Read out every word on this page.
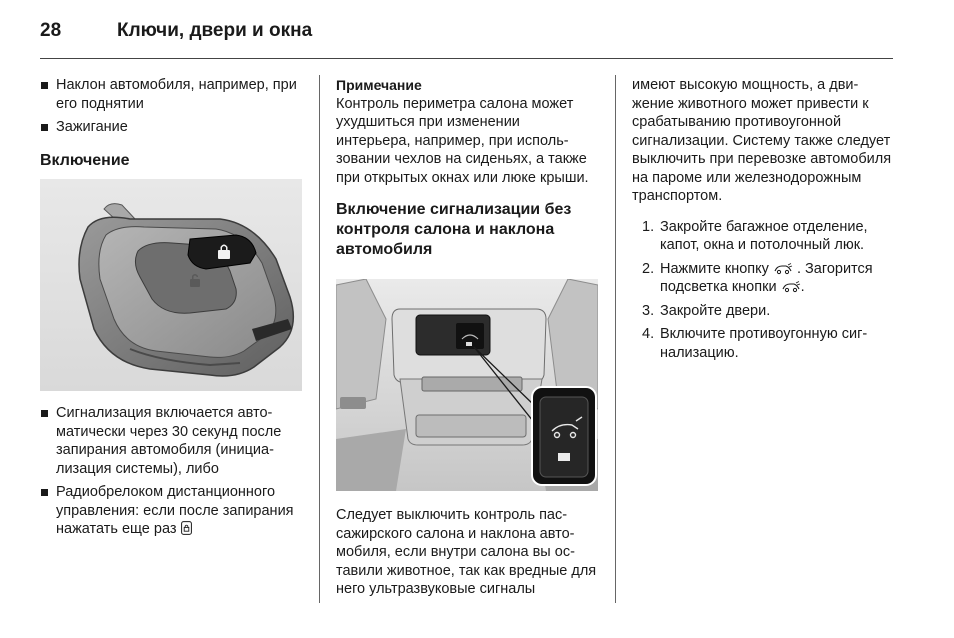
28	Ключи, двери и окна
Наклон автомобиля, например, при его поднятии
Зажигание
Включение
Сигнализация включается автоматически через 30 секунд после запирания автомобиля (инициализация системы), либо
Радиобрелоком дистанционного управления: если после запирания нажатать еще раз
Примечание

Контроль периметра салона может ухудшиться при изменении интерьера, например, при использовании чехлов на сиденьях, а также при открытых окнах или люке крыши.

Включение сигнализации без контроля салона и наклона автомобиля

Следует выключить контроль пассажирского салона и наклона автомобиля, если внутри салона вы оставили животное, так как вредные для него ультразвуковые сигналы

имеют высокую мощность, а движение животного может привести к срабатыванию противоугонной сигнализации. Систему также следует выключить при перевозке автомобиля на пароме или железнодорожным транспортом.

1. Закройте багажное отделение, капот, окна и потолочный люк.
2. Нажмите кнопку . Загорится подсветка кнопки .
3. Закройте двери.
4. Включите противоугонную сигнализацию.
